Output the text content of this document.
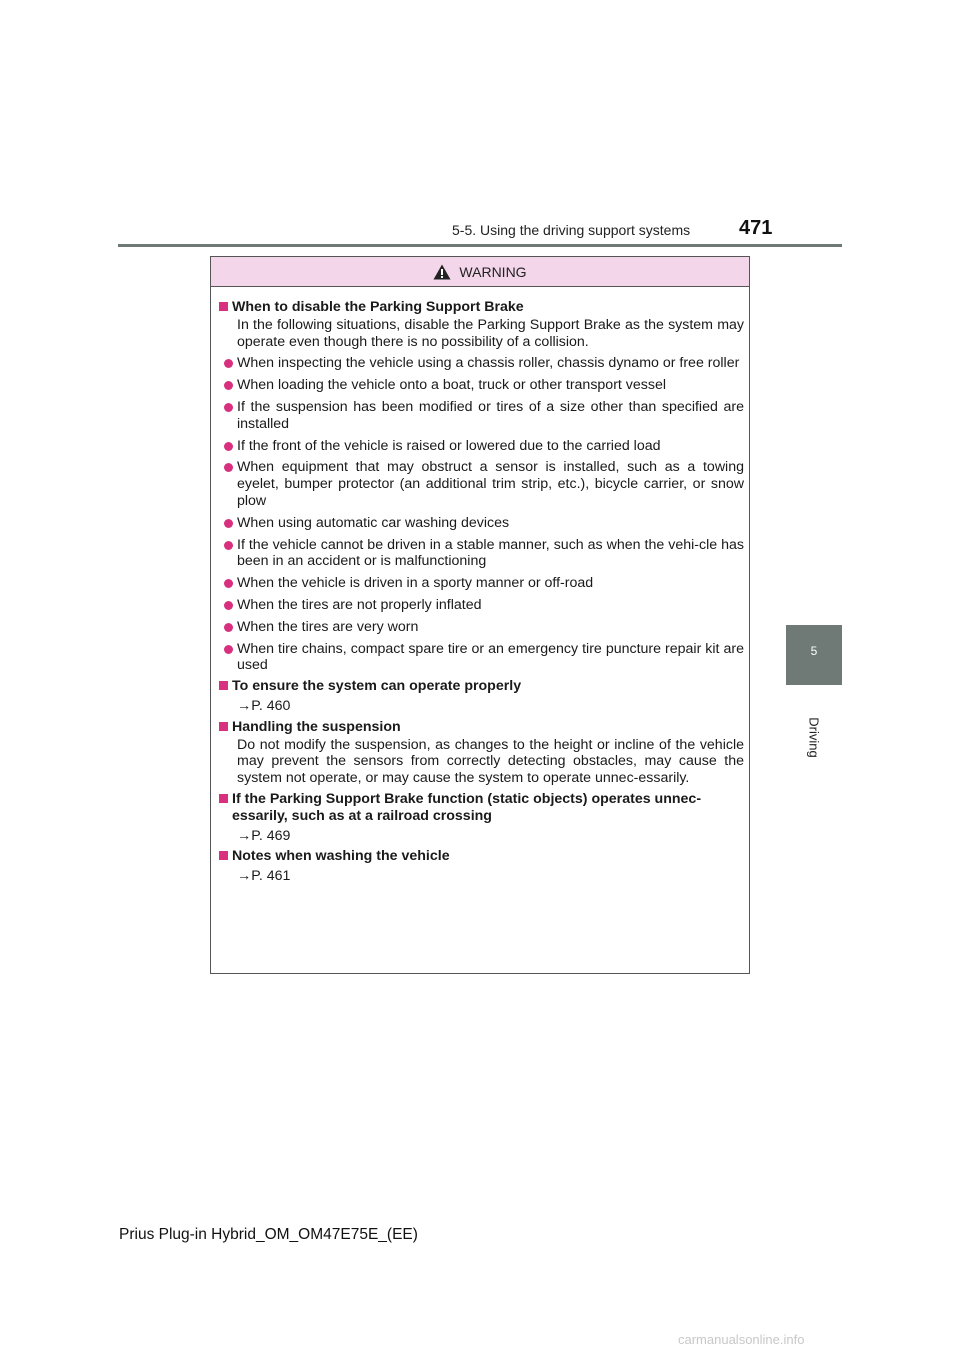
5-5. Using the driving support systems 471
5
Driving
WARNING
When to disable the Parking Support Brake
In the following situations, disable the Parking Support Brake as the system may operate even though there is no possibility of a collision.
When inspecting the vehicle using a chassis roller, chassis dynamo or free roller
When loading the vehicle onto a boat, truck or other transport vessel
If the suspension has been modified or tires of a size other than specified are installed
If the front of the vehicle is raised or lowered due to the carried load
When equipment that may obstruct a sensor is installed, such as a towing eyelet, bumper protector (an additional trim strip, etc.), bicycle carrier, or snow plow
When using automatic car washing devices
If the vehicle cannot be driven in a stable manner, such as when the vehi-cle has been in an accident or is malfunctioning
When the vehicle is driven in a sporty manner or off-road
When the tires are not properly inflated
When the tires are very worn
When tire chains, compact spare tire or an emergency tire puncture repair kit are used
To ensure the system can operate properly
→P. 460
Handling the suspension
Do not modify the suspension, as changes to the height or incline of the vehicle may prevent the sensors from correctly detecting obstacles, may cause the system not operate, or may cause the system to operate unnec-essarily.
If the Parking Support Brake function (static objects) operates unnec-essarily, such as at a railroad crossing
→P. 469
Notes when washing the vehicle
→P. 461
Prius Plug-in Hybrid_OM_OM47E75E_(EE)
carmanualsonline.info
